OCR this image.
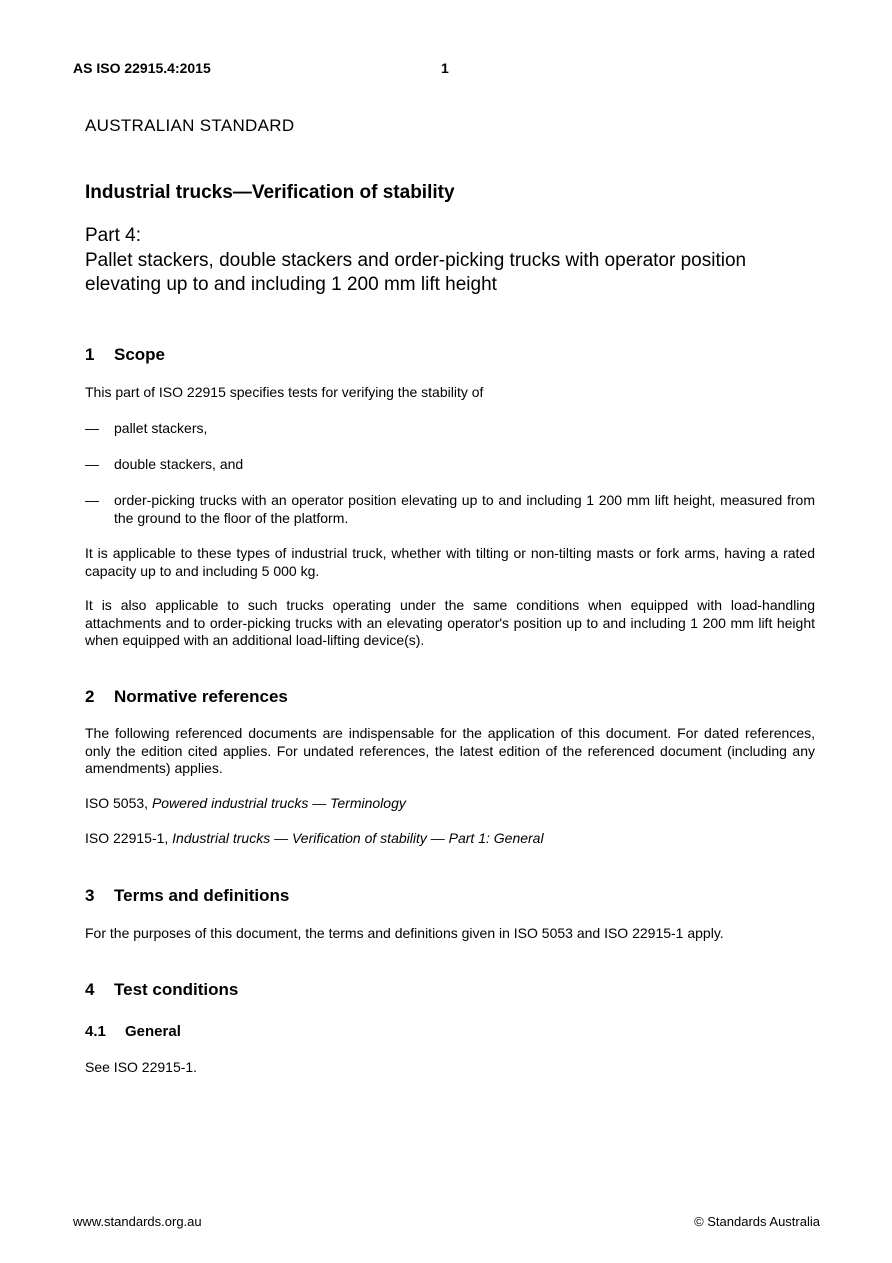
AS ISO 22915.4:2015	1
AUSTRALIAN STANDARD
Industrial trucks—Verification of stability
Part 4:
Pallet stackers, double stackers and order-picking trucks with operator position elevating up to and including 1 200 mm lift height
1 Scope
This part of ISO 22915 specifies tests for verifying the stability of
— pallet stackers,
— double stackers, and
— order-picking trucks with an operator position elevating up to and including 1 200 mm lift height, measured from the ground to the floor of the platform.
It is applicable to these types of industrial truck, whether with tilting or non-tilting masts or fork arms, having a rated capacity up to and including 5 000 kg.
It is also applicable to such trucks operating under the same conditions when equipped with load-handling attachments and to order-picking trucks with an elevating operator's position up to and including 1 200 mm lift height when equipped with an additional load-lifting device(s).
2 Normative references
The following referenced documents are indispensable for the application of this document. For dated references, only the edition cited applies. For undated references, the latest edition of the referenced document (including any amendments) applies.
ISO 5053, Powered industrial trucks — Terminology
ISO 22915-1, Industrial trucks — Verification of stability — Part 1: General
3 Terms and definitions
For the purposes of this document, the terms and definitions given in ISO 5053 and ISO 22915-1 apply.
4 Test conditions
4.1 General
See ISO 22915-1.
www.standards.org.au	© Standards Australia
